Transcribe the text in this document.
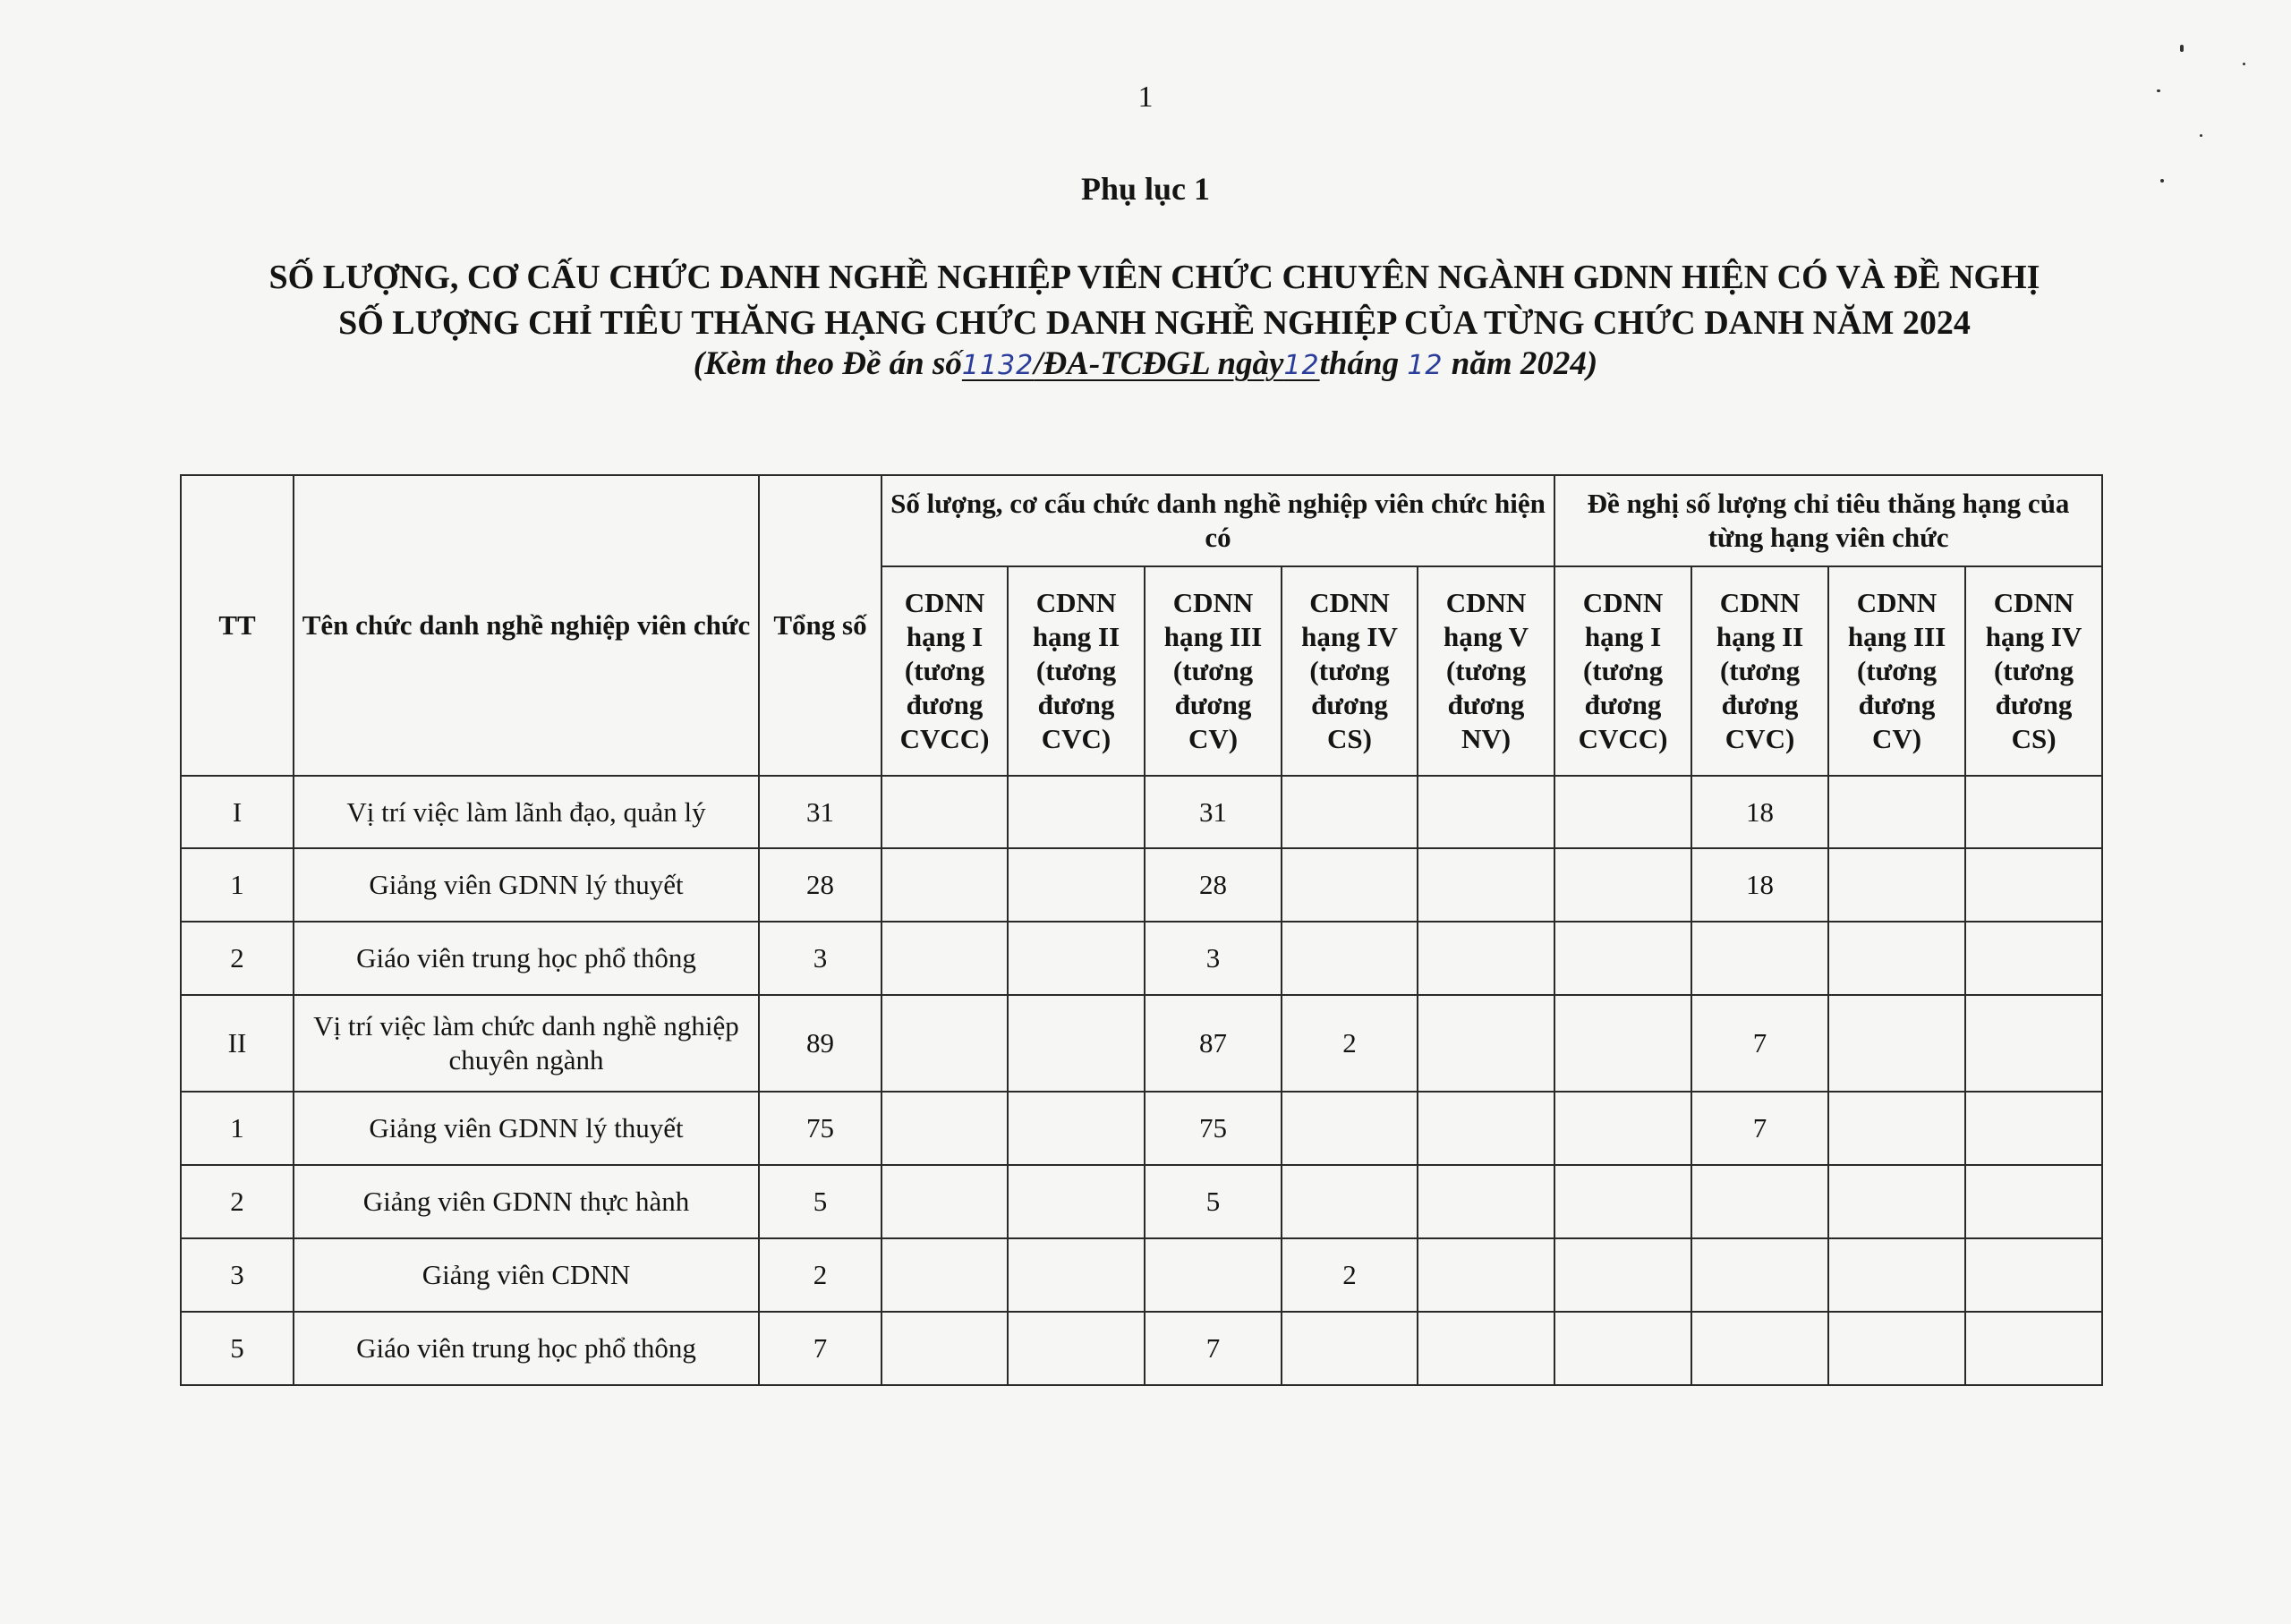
1
Phụ lục 1
SỐ LƯỢNG, CƠ CẤU CHỨC DANH NGHỀ NGHIỆP VIÊN CHỨC CHUYÊN NGÀNH GDNN HIỆN CÓ VÀ ĐỀ NGHỊ
SỐ LƯỢNG CHỈ TIÊU THĂNG HẠNG CHỨC DANH NGHỀ NGHIỆP CỦA TỪNG CHỨC DANH NĂM 2024
(Kèm theo Đề án số1132/ĐA-TCĐGL ngày12tháng 12 năm 2024)
TT	Tên chức danh nghề nghiệp viên chức	Tổng số	Số lượng, cơ cấu chức danh nghề nghiệp viên chức hiện có					Đề nghị số lượng chỉ tiêu thăng hạng của từng hạng viên chức			
			CDNN hạng I (tương đương CVCC)	CDNN hạng II (tương đương CVC)	CDNN hạng III (tương đương CV)	CDNN hạng IV (tương đương CS)	CDNN hạng V (tương đương NV)	CDNN hạng I (tương đương CVCC)	CDNN hạng II (tương đương CVC)	CDNN hạng III (tương đương CV)	CDNN hạng IV (tương đương CS)
I	Vị trí việc làm lãnh đạo, quản lý	31			31				18		
1	Giảng viên GDNN lý thuyết	28			28				18		
2	Giáo viên trung học phổ thông	3			3						
II	Vị trí việc làm chức danh nghề nghiệp chuyên ngành	89			87	2			7		
1	Giảng viên GDNN lý thuyết	75			75				7		
2	Giảng viên GDNN thực hành	5			5						
3	Giảng viên CDNN	2				2					
5	Giáo viên trung học phổ thông	7			7						
